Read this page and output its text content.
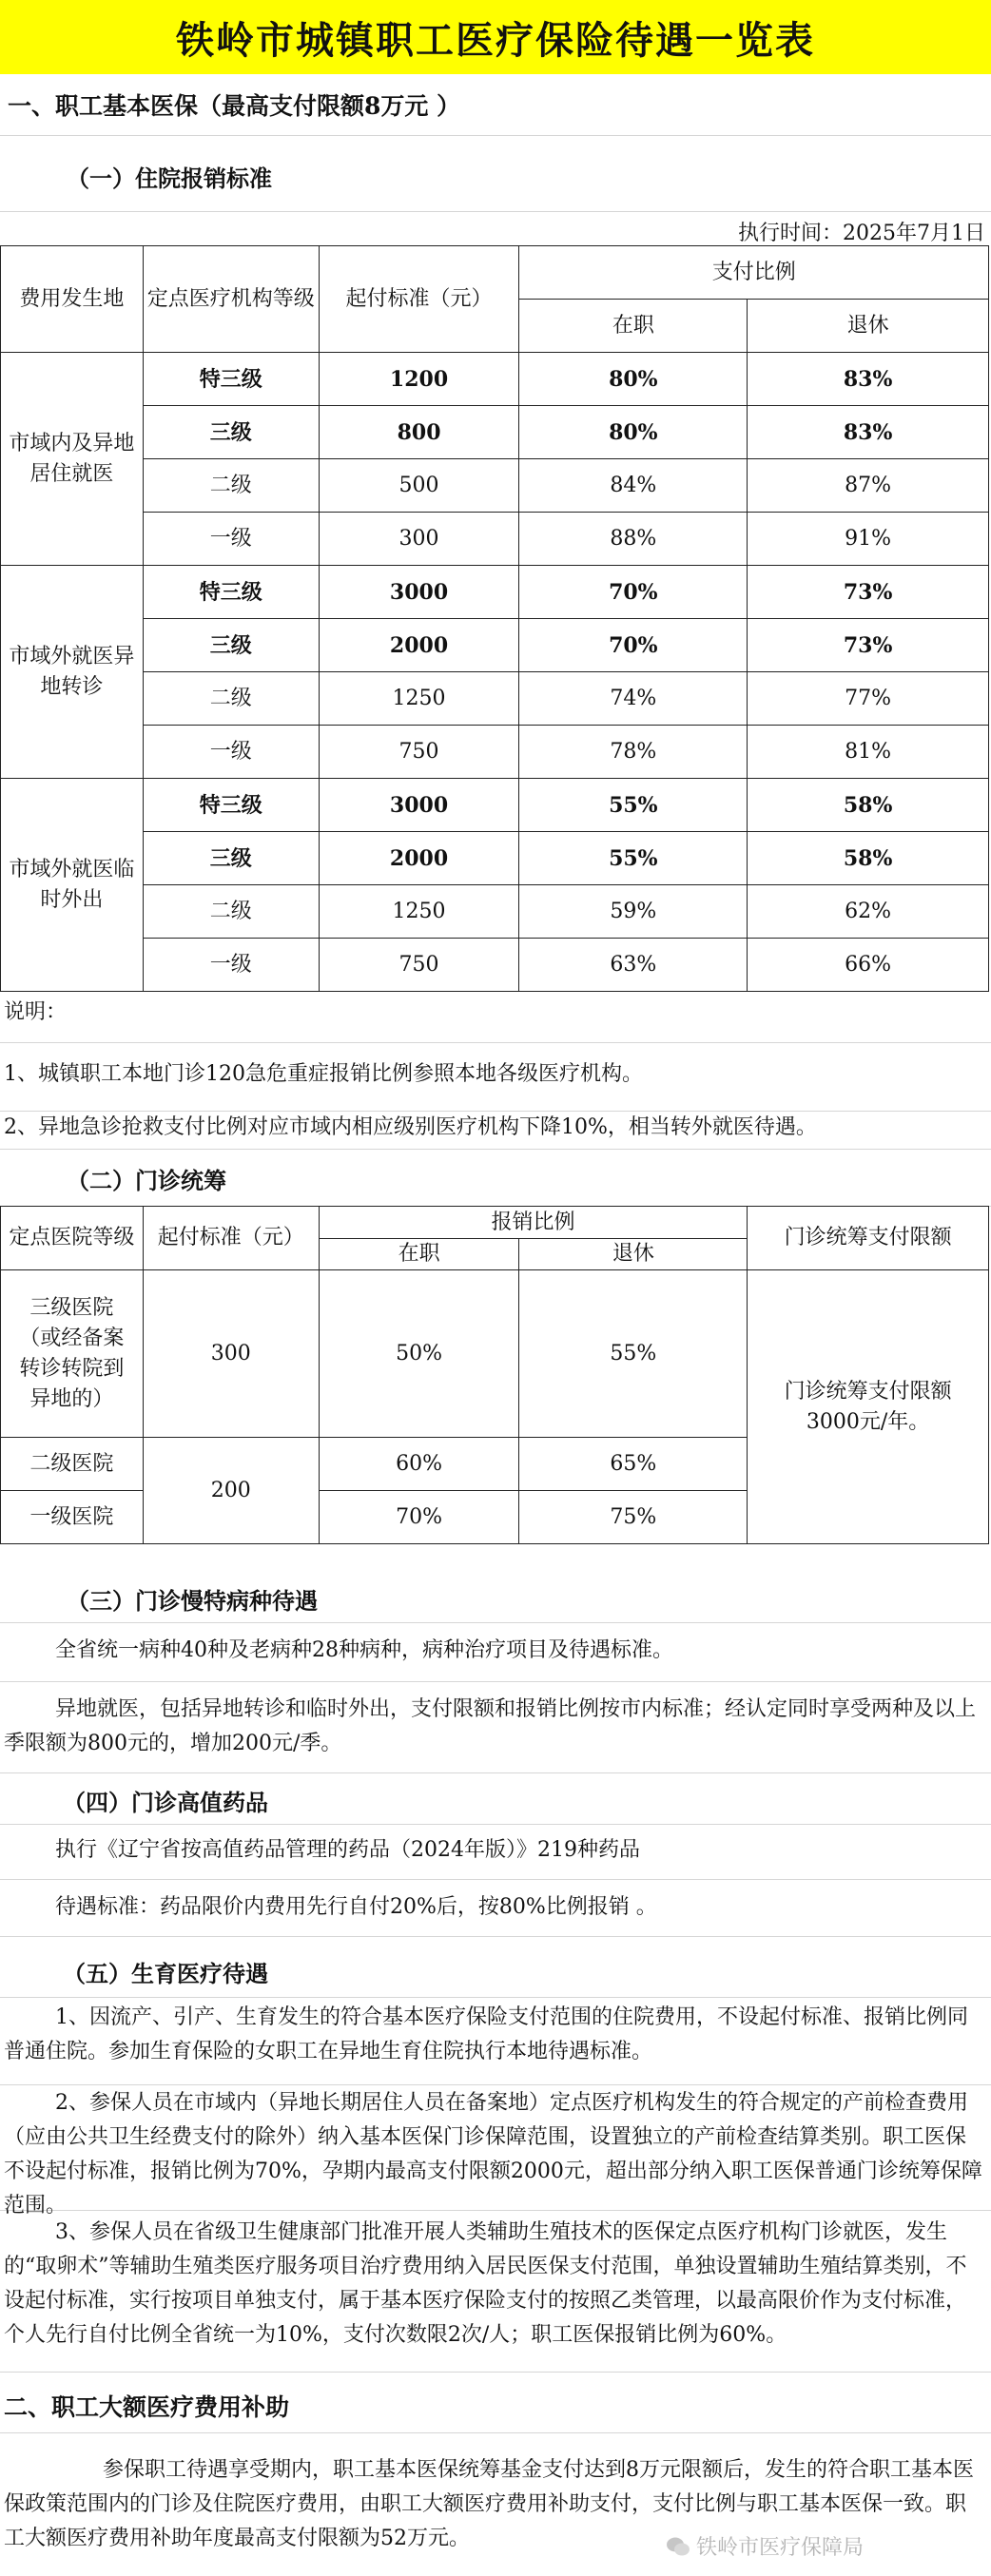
铁岭市城镇职工医疗保险待遇一览表
一、职工基本医保（最高支付限额8万元 ）
（一）住院报销标准
执行时间：2025年7月1日
费用发生地	定点医疗机构等级	起付标准（元）	支付比例	
			在职	退休
市域内及异地居住就医	特三级	1200	80%	83%
	三级	800	80%	83%
	二级	500	84%	87%
	一级	300	88%	91%
市域外就医异地转诊	特三级	3000	70%	73%
	三级	2000	70%	73%
	二级	1250	74%	77%
	一级	750	78%	81%
市域外就医临时外出	特三级	3000	55%	58%
	三级	2000	55%	58%
	二级	1250	59%	62%
	一级	750	63%	66%
说明：
1、城镇职工本地门诊120急危重症报销比例参照本地各级医疗机构。
2、异地急诊抢救支付比例对应市域内相应级别医疗机构下降10%，相当转外就医待遇。
（二）门诊统筹
定点医院等级	起付标准（元）	报销比例		门诊统筹支付限额
		在职	退休	
三级医院（或经备案转诊转院到异地的）	300	50%	55%	门诊统筹支付限额3000元/年。
二级医院	200	60%	65%	
一级医院		70%	75%	
（三）门诊慢特病种待遇
全省统一病种40种及老病种28种病种，病种治疗项目及待遇标准。
异地就医，包括异地转诊和临时外出，支付限额和报销比例按市内标准；经认定同时享受两种及以上季限额为800元的，增加200元/季。
（四）门诊高值药品
执行《辽宁省按高值药品管理的药品（2024年版）》219种药品
待遇标准：药品限价内费用先行自付20%后，按80%比例报销 。
（五）生育医疗待遇
1、因流产、引产、生育发生的符合基本医疗保险支付范围的住院费用，不设起付标准、报销比例同普通住院。参加生育保险的女职工在异地生育住院执行本地待遇标准。
2、参保人员在市域内（异地长期居住人员在备案地）定点医疗机构发生的符合规定的产前检查费用（应由公共卫生经费支付的除外）纳入基本医保门诊保障范围，设置独立的产前检查结算类别。职工医保不设起付标准，报销比例为70%，孕期内最高支付限额2000元，超出部分纳入职工医保普通门诊统筹保障范围。
3、参保人员在省级卫生健康部门批准开展人类辅助生殖技术的医保定点医疗机构门诊就医，发生的“取卵术”等辅助生殖类医疗服务项目治疗费用纳入居民医保支付范围，单独设置辅助生殖结算类别，不设起付标准，实行按项目单独支付，属于基本医疗保险支付的按照乙类管理，以最高限价作为支付标准，个人先行自付比例全省统一为10%，支付次数限2次/人；职工医保报销比例为60%。
二、职工大额医疗费用补助
参保职工待遇享受期内，职工基本医保统筹基金支付达到8万元限额后，发生的符合职工基本医保政策范围内的门诊及住院医疗费用，由职工大额医疗费用补助支付，支付比例与职工基本医保一致。职工大额医疗费用补助年度最高支付限额为52万元。	铁岭市医疗保障局
